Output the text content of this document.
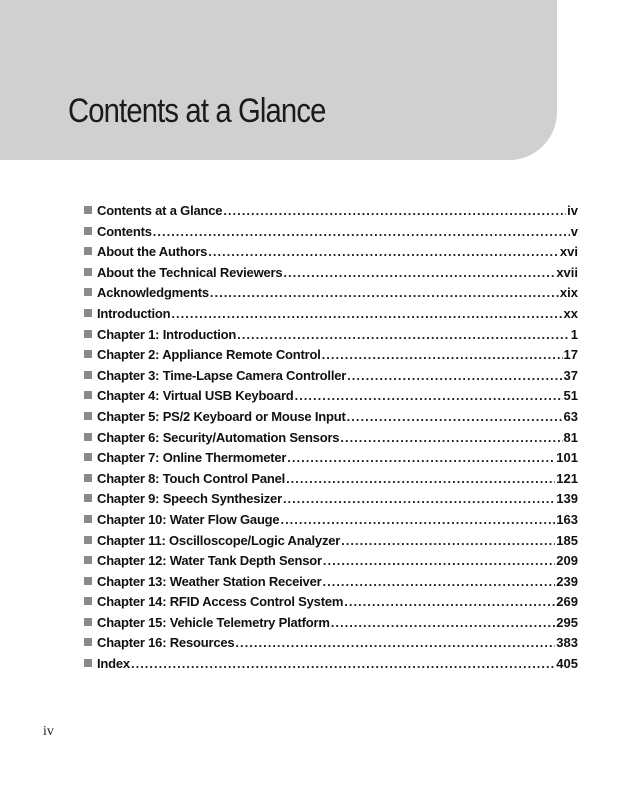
Contents at a Glance
Contents at a Glance .....	iv
Contents .....	v
About the Authors .....	xvi
About the Technical Reviewers .....	xvii
Acknowledgments .....	xix
Introduction .....	xx
Chapter 1: Introduction .....	1
Chapter 2: Appliance Remote Control .....	17
Chapter 3: Time-Lapse Camera Controller .....	37
Chapter 4: Virtual USB Keyboard .....	51
Chapter 5: PS/2 Keyboard or Mouse Input .....	63
Chapter 6: Security/Automation Sensors .....	81
Chapter 7: Online Thermometer .....	101
Chapter 8: Touch Control Panel .....	121
Chapter 9: Speech Synthesizer .....	139
Chapter 10: Water Flow Gauge .....	163
Chapter 11: Oscilloscope/Logic Analyzer .....	185
Chapter 12: Water Tank Depth Sensor .....	209
Chapter 13: Weather Station Receiver .....	239
Chapter 14: RFID Access Control System .....	269
Chapter 15: Vehicle Telemetry Platform .....	295
Chapter 16: Resources .....	383
Index .....	405
iv
